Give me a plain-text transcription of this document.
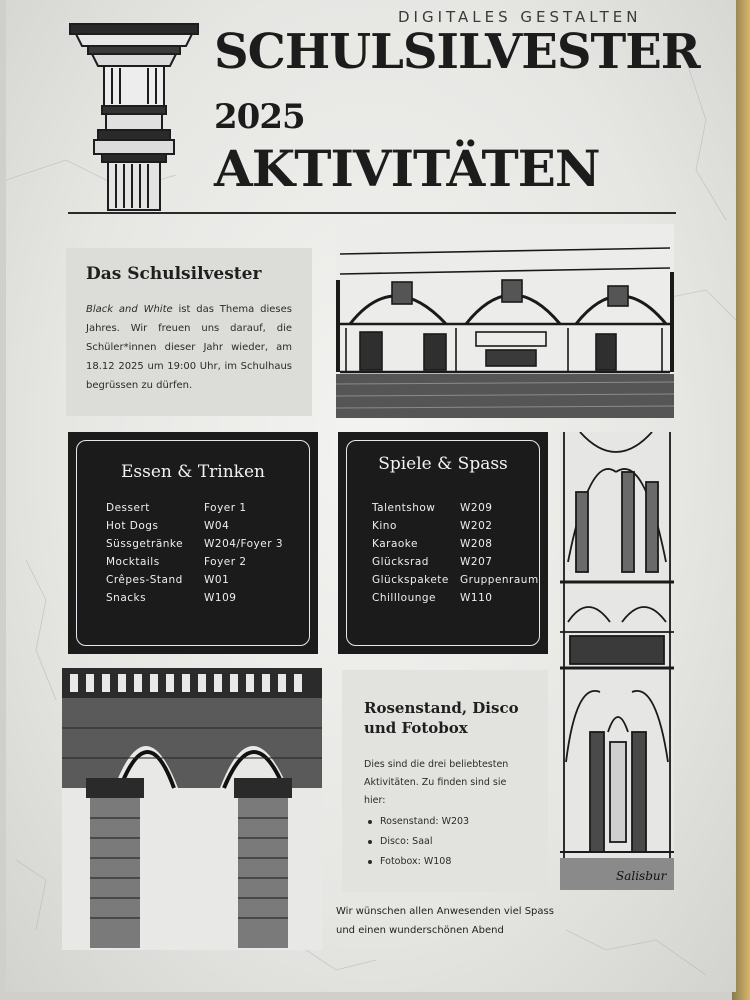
DIGITALES GESTALTEN
SCHULSILVESTER
2025
AKTIVITÄTEN
Das Schulsilvester

Black and White ist das Thema dieses Jahres. Wir freuen uns darauf, die Schüler*innen dieser Jahr wieder, am 18.12 2025 um 19:00 Uhr, im Schulhaus begrüssen zu dürfen.

Essen & Trinken
Dessert	Foyer 1
Hot Dogs	W04
Süssgetränke W204/Foyer 3
Mocktails	Foyer 2
Crêpes-Stand W01
Snacks	W109
Spiele & Spass
Talentshow W209
Kino	W202
Karaoke	W208
Glücksrad	W207
Glückspakete Gruppenraum
Chilllounge W110
Salisbur
Rosenstand, Disco
und Fotobox

Dies sind die drei beliebtesten Aktivitäten. Zu finden sind sie hier:

Rosenstand: W203
Disco: Saal
Fotobox: W108
Wir wünschen allen Anwesenden viel Spass
und einen wunderschönen Abend
